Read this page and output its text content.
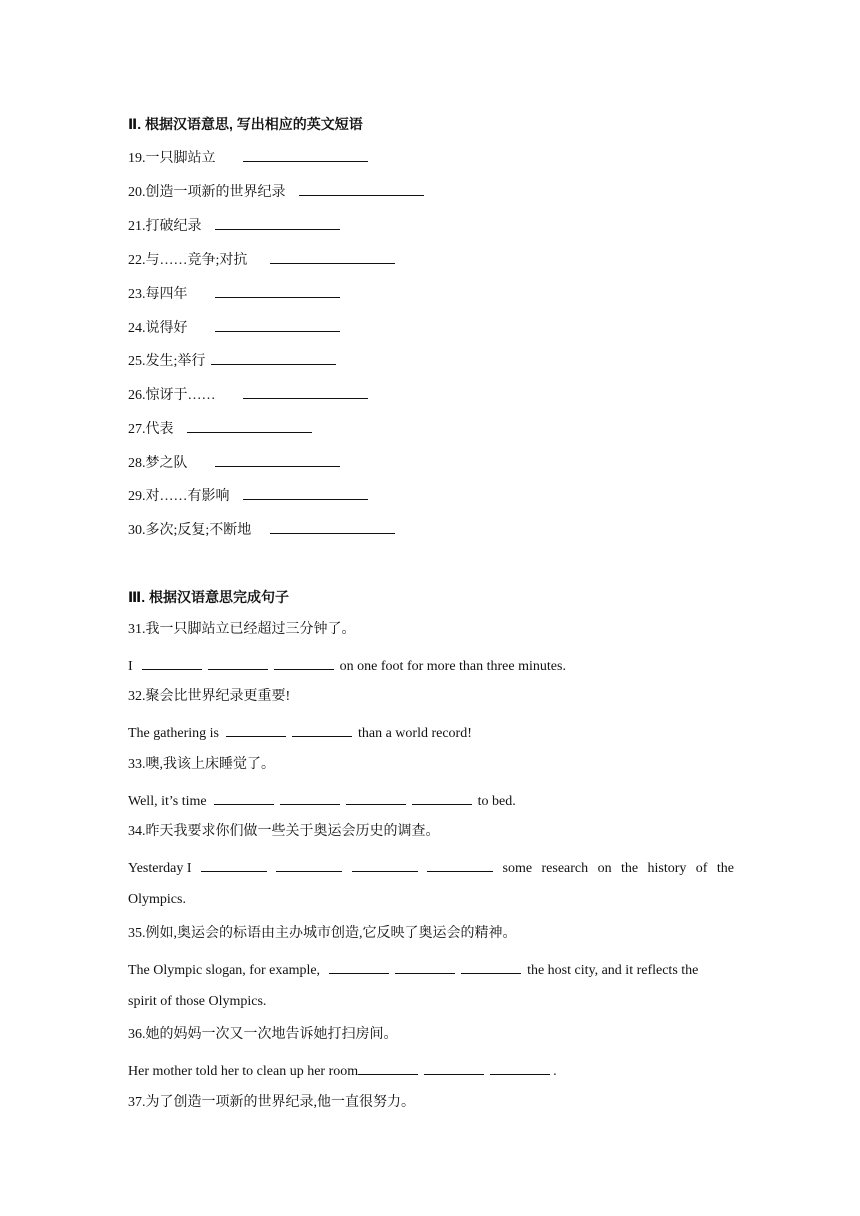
Ⅱ. 根据汉语意思, 写出相应的英文短语
19.一只脚站立
20.创造一项新的世界纪录
21.打破纪录
22.与……竞争;对抗
23.每四年
24.说得好
25.发生;举行
26.惊讶于……
27.代表
28.梦之队
29.对……有影响
30.多次;反复;不断地
Ⅲ. 根据汉语意思完成句子
31.我一只脚站立已经超过三分钟了。
I	on one foot for more than three minutes.
32.聚会比世界纪录更重要!
The gathering is	than a world record!
33.噢,我该上床睡觉了。
Well, it’s time	to bed.
34.昨天我要求你们做一些关于奥运会历史的调查。
Yesterday I	some research on the history of the
Olympics.
35.例如,奥运会的标语由主办城市创造,它反映了奥运会的精神。
The Olympic slogan, for example,	the host city, and it reflects the
spirit of those Olympics.
36.她的妈妈一次又一次地告诉她打扫房间。
Her mother told her to clean up her room	.
37.为了创造一项新的世界纪录,他一直很努力。
